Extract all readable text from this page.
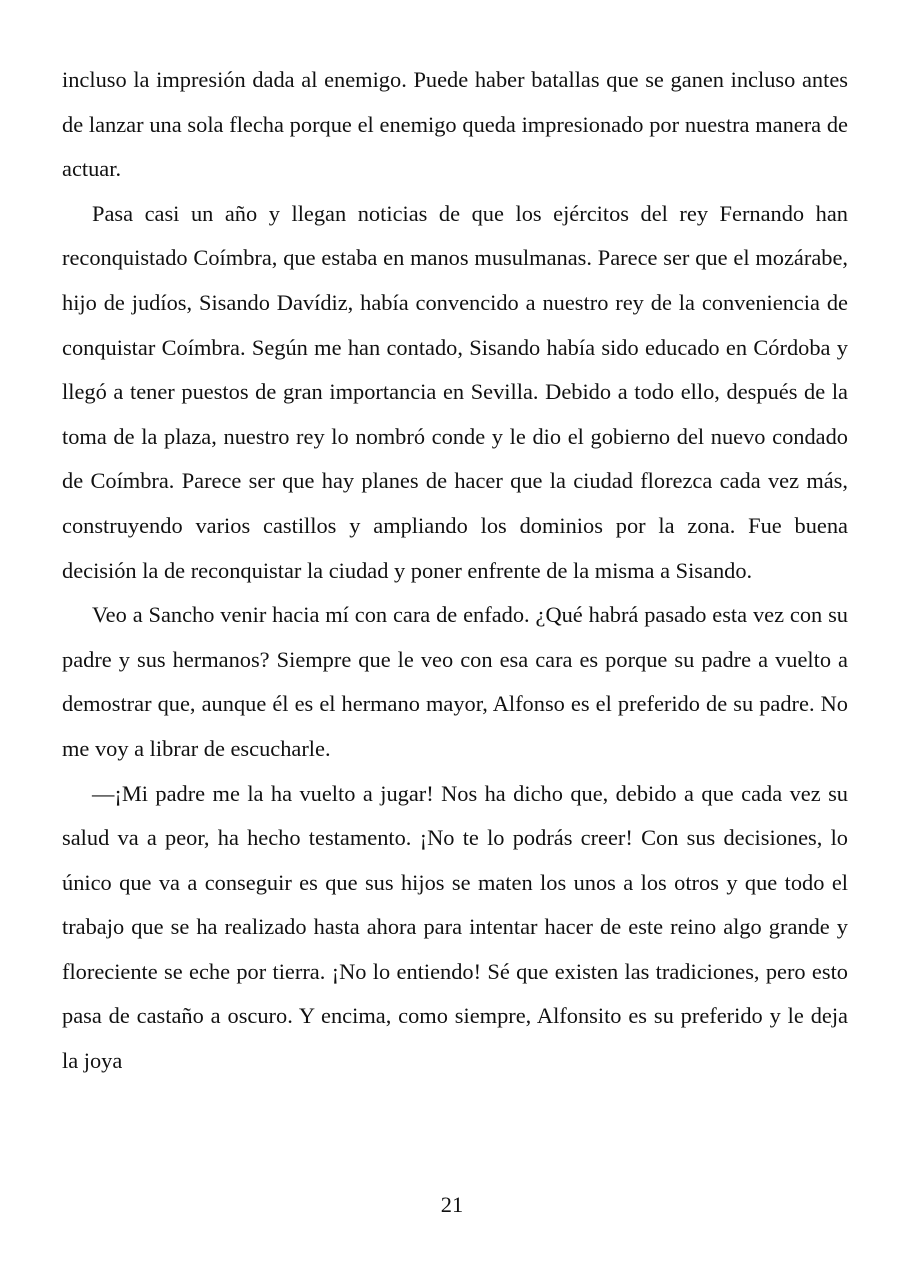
incluso la impresión dada al enemigo. Puede haber batallas que se ganen incluso antes de lanzar una sola flecha porque el enemigo queda impresionado por nuestra manera de actuar.

Pasa casi un año y llegan noticias de que los ejércitos del rey Fernando han reconquistado Coímbra, que estaba en manos musulmanas. Parece ser que el mozárabe, hijo de judíos, Sisando Davídiz, había convencido a nuestro rey de la conveniencia de conquistar Coímbra. Según me han contado, Sisando había sido educado en Córdoba y llegó a tener puestos de gran importancia en Sevilla. Debido a todo ello, después de la toma de la plaza, nuestro rey lo nombró conde y le dio el gobierno del nuevo condado de Coímbra. Parece ser que hay planes de hacer que la ciudad florezca cada vez más, construyendo varios castillos y ampliando los dominios por la zona. Fue buena decisión la de reconquistar la ciudad y poner enfrente de la misma a Sisando.

Veo a Sancho venir hacia mí con cara de enfado. ¿Qué habrá pasado esta vez con su padre y sus hermanos? Siempre que le veo con esa cara es porque su padre a vuelto a demostrar que, aunque él es el hermano mayor, Alfonso es el preferido de su padre. No me voy a librar de escucharle.

—¡Mi padre me la ha vuelto a jugar! Nos ha dicho que, debido a que cada vez su salud va a peor, ha hecho testamento. ¡No te lo podrás creer! Con sus decisiones, lo único que va a conseguir es que sus hijos se maten los unos a los otros y que todo el trabajo que se ha realizado hasta ahora para intentar hacer de este reino algo grande y floreciente se eche por tierra. ¡No lo entiendo! Sé que existen las tradiciones, pero esto pasa de castaño a oscuro. Y encima, como siempre, Alfonsito es su preferido y le deja la joya

21
